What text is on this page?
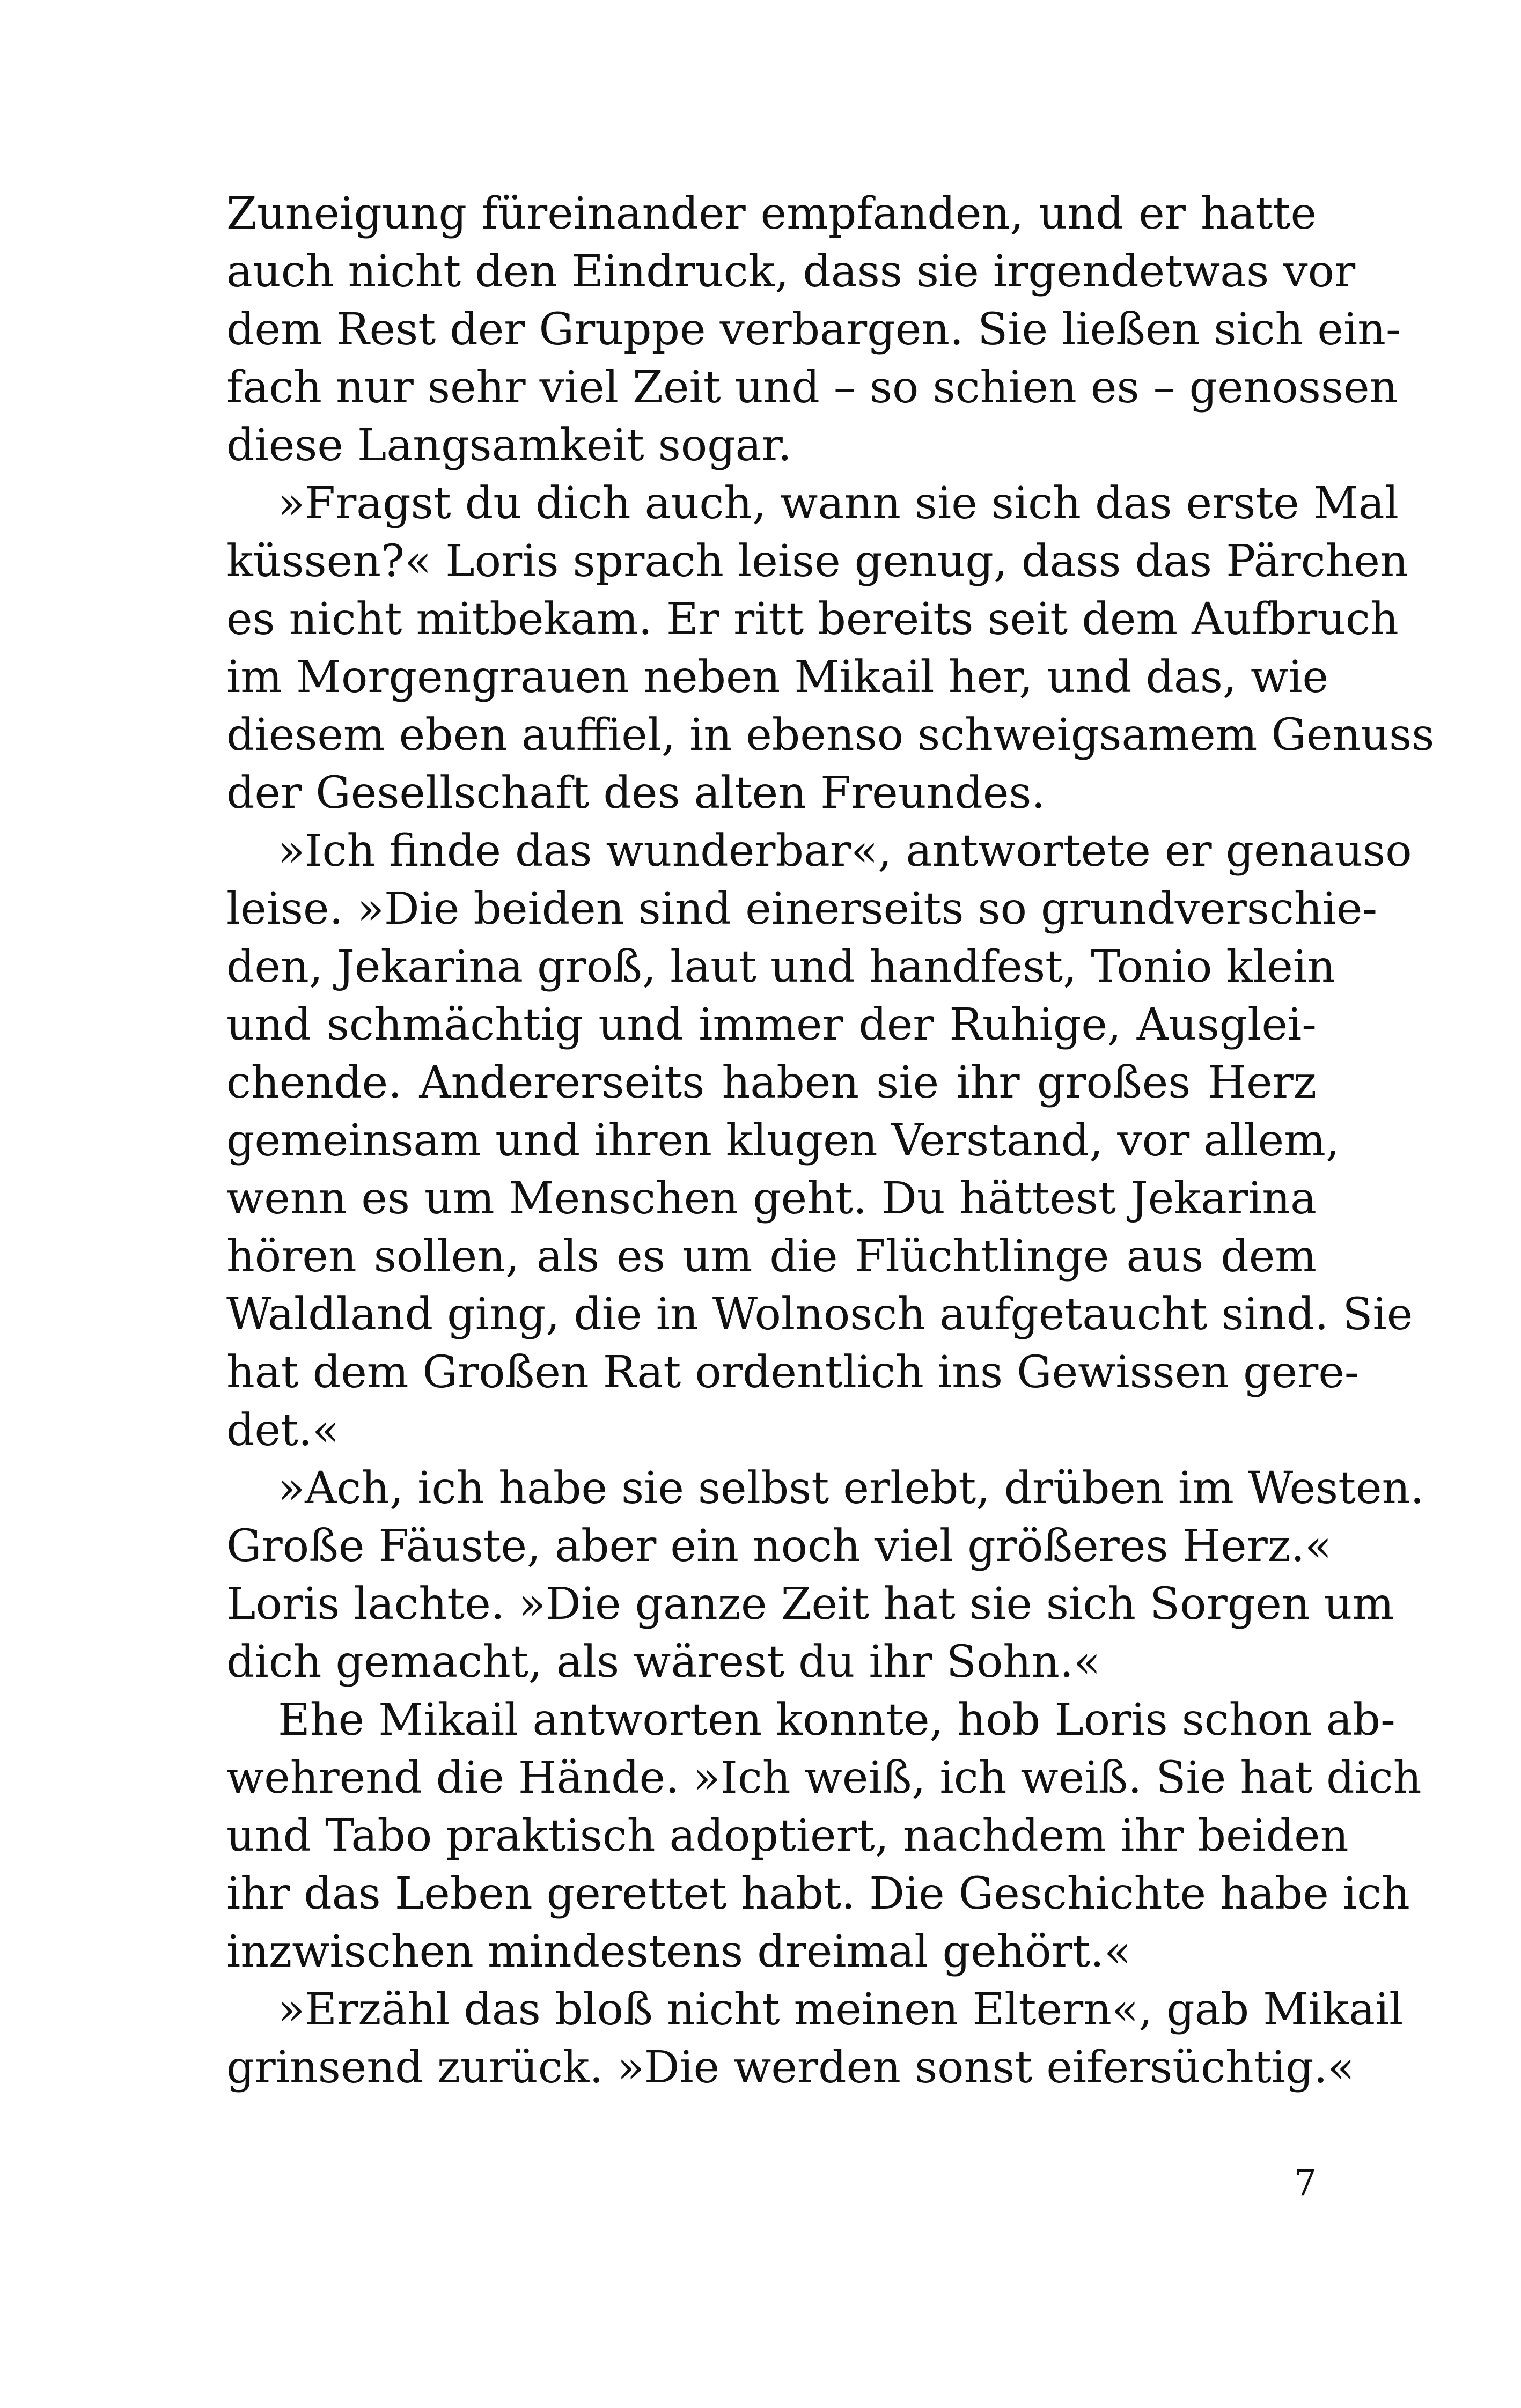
Zuneigung füreinander empfanden, und er hatte
auch nicht den Eindruck, dass sie irgendetwas vor
dem Rest der Gruppe verbargen. Sie ließen sich ein-
fach nur sehr viel Zeit und – so schien es – genossen
diese Langsamkeit sogar.
»Fragst du dich auch, wann sie sich das erste Mal
küssen?« Loris sprach leise genug, dass das Pärchen
es nicht mitbekam. Er ritt bereits seit dem Aufbruch
im Morgengrauen neben Mikail her, und das, wie
diesem eben auffiel, in ebenso schweigsamem Genuss
der Gesellschaft des alten Freundes.
»Ich finde das wunderbar«, antwortete er genauso
leise. »Die beiden sind einerseits so grundverschie-
den, Jekarina groß, laut und handfest, Tonio klein
und schmächtig und immer der Ruhige, Ausglei-
chende. Andererseits haben sie ihr großes Herz
gemeinsam und ihren klugen Verstand, vor allem,
wenn es um Menschen geht. Du hättest Jekarina
hören sollen, als es um die Flüchtlinge aus dem
Waldland ging, die in Wolnosch aufgetaucht sind. Sie
hat dem Großen Rat ordentlich ins Gewissen gere-
det.«
»Ach, ich habe sie selbst erlebt, drüben im Westen.
Große Fäuste, aber ein noch viel größeres Herz.«
Loris lachte. »Die ganze Zeit hat sie sich Sorgen um
dich gemacht, als wärest du ihr Sohn.«
Ehe Mikail antworten konnte, hob Loris schon ab-
wehrend die Hände. »Ich weiß, ich weiß. Sie hat dich
und Tabo praktisch adoptiert, nachdem ihr beiden
ihr das Leben gerettet habt. Die Geschichte habe ich
inzwischen mindestens dreimal gehört.«
»Erzähl das bloß nicht meinen Eltern«, gab Mikail
grinsend zurück. »Die werden sonst eifersüchtig.«
7
